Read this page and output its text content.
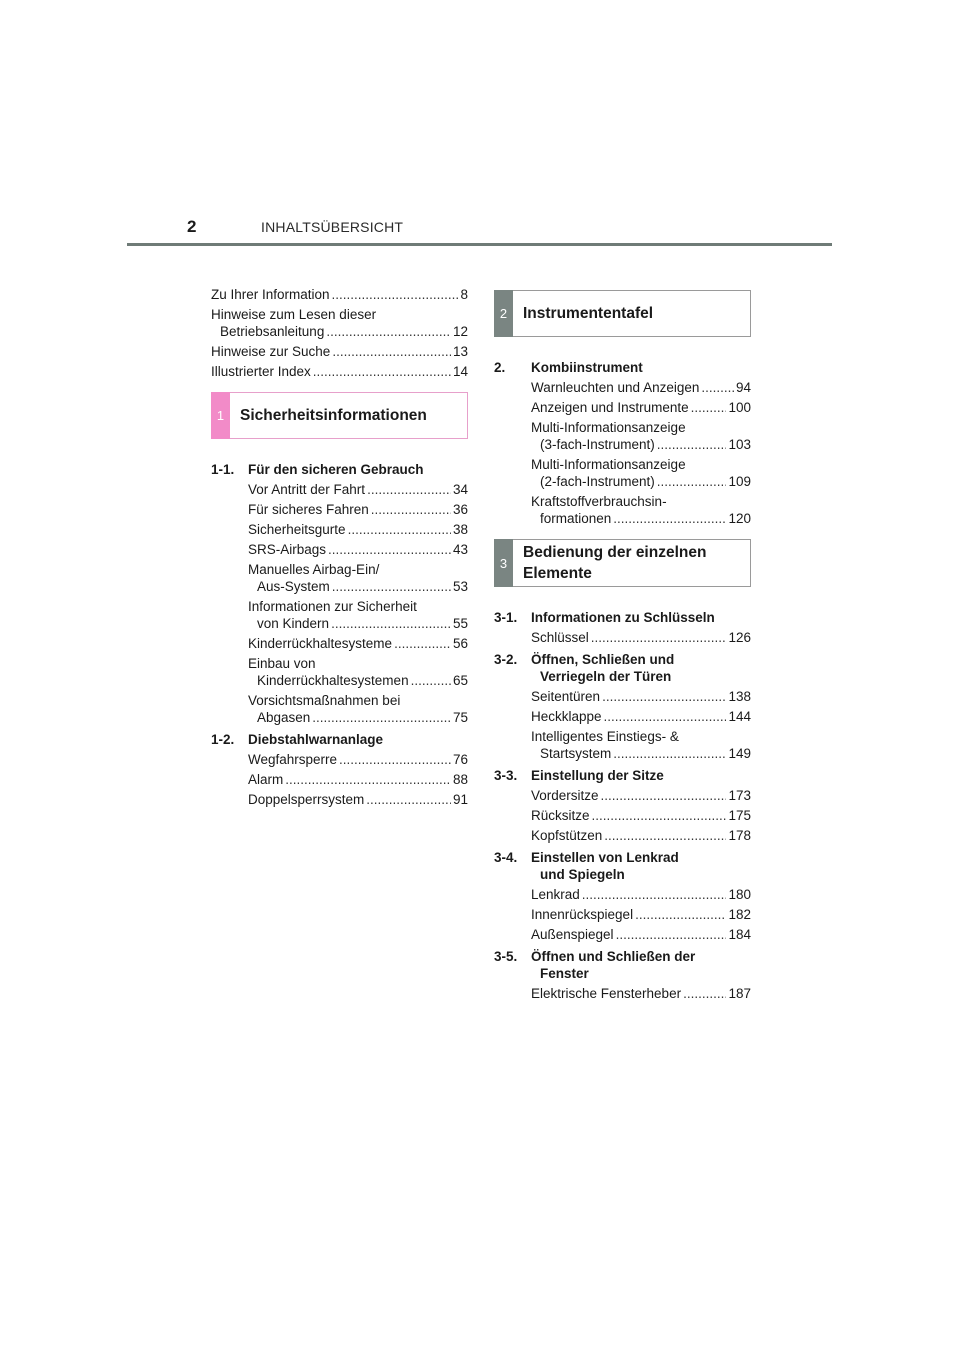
2	INHALTSÜBERSICHT
Zu Ihrer Information .....	8
Hinweise zum Lesen dieser
Betriebsanleitung .....	12
Hinweise zur Suche .....	13
Illustrierter Index .....	14
1	Sicherheitsinformationen
1-1.	Für den sicheren Gebrauch
Vor Antritt der Fahrt .....	34
Für sicheres Fahren .....	36
Sicherheitsgurte .....	38
SRS-Airbags .....	43
Manuelles Airbag-Ein/
Aus-System .....	53
Informationen zur Sicherheit
von Kindern .....	55
Kinderrückhaltesysteme .....	56
Einbau von
Kinderrückhaltesystemen .....	65
Vorsichtsmaßnahmen bei
Abgasen .....	75
1-2.	Diebstahlwarnanlage
Wegfahrsperre .....	76
Alarm .....	88
Doppelsperrsystem .....	91
2	Instrumententafel
2.	Kombiinstrument
Warnleuchten und Anzeigen .....	94
Anzeigen und Instrumente .....	100
Multi-Informationsanzeige
(3-fach-Instrument) .....	103
Multi-Informationsanzeige
(2-fach-Instrument) .....	109
Kraftstoffverbrauchsin-
formationen .....	120
3
Bedienung der einzelnen
Elemente
3-1.	Informationen zu Schlüsseln
Schlüssel .....	126
3-2.	Öffnen, Schließen und
Verriegeln der Türen
Seitentüren .....	138
Heckklappe .....	144
Intelligentes Einstiegs- &
Startsystem .....	149
3-3.	Einstellung der Sitze
Vordersitze .....	173
Rücksitze .....	175
Kopfstützen .....	178
3-4.	Einstellen von Lenkrad
und Spiegeln
Lenkrad .....	180
Innenrückspiegel .....	182
Außenspiegel .....	184
3-5.	Öffnen und Schließen der
Fenster
Elektrische Fensterheber .....	187
